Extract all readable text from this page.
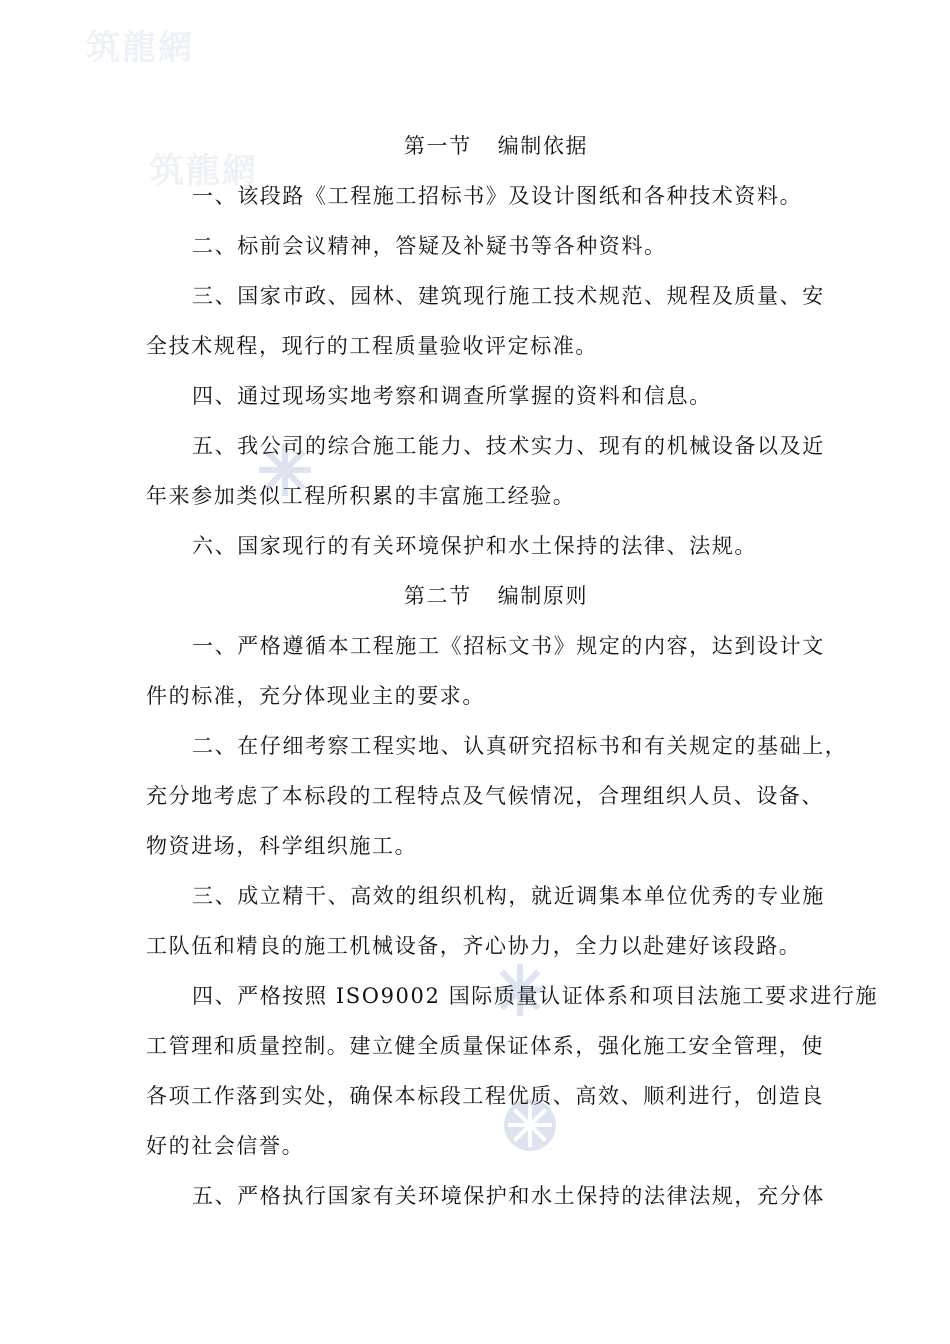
筑龍網
筑龍網
第一节 编制依据
一、该段路《工程施工招标书》及设计图纸和各种技术资料。
二、标前会议精神，答疑及补疑书等各种资料。
三、国家市政、园林、建筑现行施工技术规范、规程及质量、安
全技术规程，现行的工程质量验收评定标准。
四、通过现场实地考察和调查所掌握的资料和信息。
五、我公司的综合施工能力、技术实力、现有的机械设备以及近
年来参加类似工程所积累的丰富施工经验。
六、国家现行的有关环境保护和水土保持的法律、法规。
第二节 编制原则
一、严格遵循本工程施工《招标文书》规定的内容，达到设计文
件的标准，充分体现业主的要求。
二、在仔细考察工程实地、认真研究招标书和有关规定的基础上，
充分地考虑了本标段的工程特点及气候情况，合理组织人员、设备、
物资进场，科学组织施工。
三、成立精干、高效的组织机构，就近调集本单位优秀的专业施
工队伍和精良的施工机械设备，齐心协力，全力以赴建好该段路。
四、严格按照 ISO9002 国际质量认证体系和项目法施工要求进行施
工管理和质量控制。建立健全质量保证体系，强化施工安全管理，使
各项工作落到实处，确保本标段工程优质、高效、顺利进行，创造良
好的社会信誉。
五、严格执行国家有关环境保护和水土保持的法律法规，充分体
